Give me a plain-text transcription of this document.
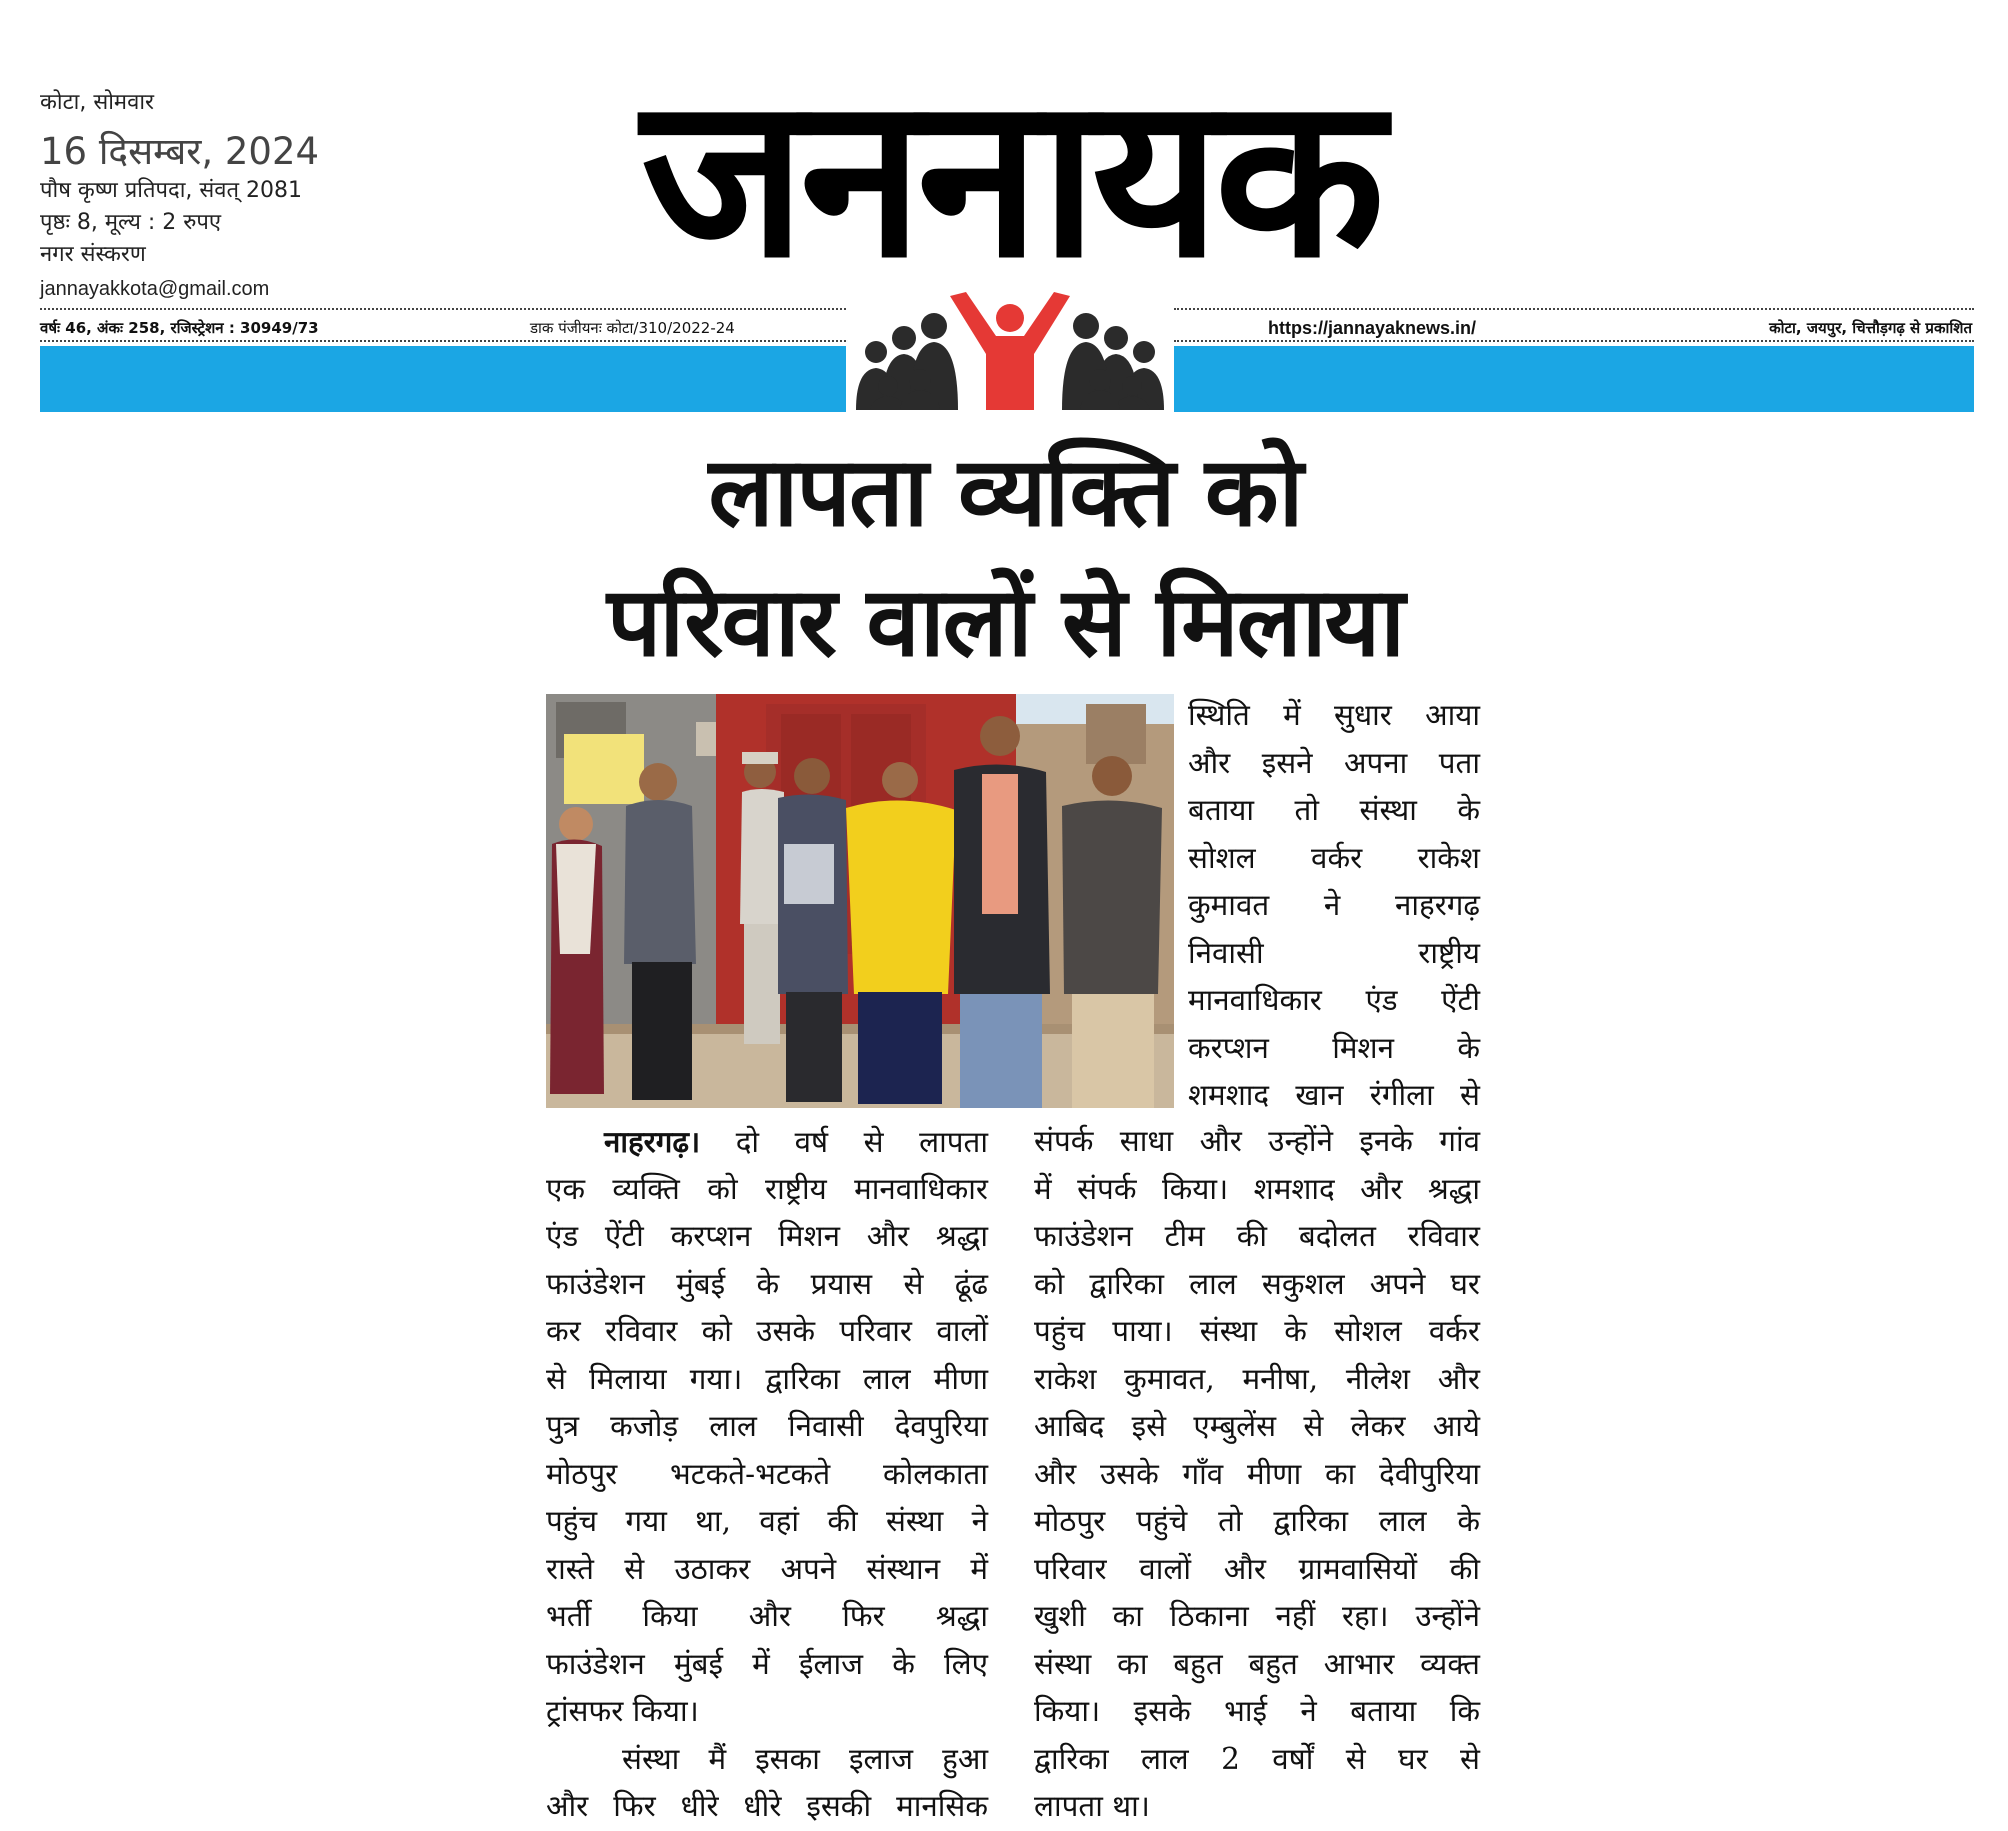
कोटा, सोमवार
16 दिसम्बर, 2024
पौष कृष्ण प्रतिपदा, संवत् 2081
पृष्ठः 8, मूल्य : 2 रुपए
नगर संस्करण
jannayakkota@gmail.com	जननायक
वर्षः 46, अंकः 258, रजिस्ट्रेशन : 30949/73	डाक पंजीयनः कोटा/310/2022-24	https://jannayaknews.in/	कोटा, जयपुर, चित्तौड़गढ़ से प्रकाशित
लापता व्यक्ति को
परिवार वालों से मिलाया
स्थिति में सुधार आया
और इसने अपना पता
बताया तो संस्था के
सोशल वर्कर राकेश
कुमावत ने नाहरगढ़
निवासी राष्ट्रीय
मानवाधिकार एंड ऐंटी
करप्शन मिशन के
शमशाद खान रंगीला से
नाहरगढ़। दो वर्ष से लापता
एक व्यक्ति को राष्ट्रीय मानवाधिकार
एंड ऐंटी करप्शन मिशन और श्रद्धा
फाउंडेशन मुंबई के प्रयास से ढूंढ
कर रविवार को उसके परिवार वालों
से मिलाया गया। द्वारिका लाल मीणा
पुत्र कजोड़ लाल निवासी देवपुरिया
मोठपुर भटकते-भटकते कोलकाता
पहुंच गया था, वहां की संस्था ने
रास्ते से उठाकर अपने संस्थान में
भर्ती किया और फिर श्रद्धा
फाउंडेशन मुंबई में ईलाज के लिए
ट्रांसफर किया।
संस्था मैं इसका इलाज हुआ
और फिर धीरे धीरे इसकी मानसिक
संपर्क साधा और उन्होंने इनके गांव
में संपर्क किया। शमशाद और श्रद्धा
फाउंडेशन टीम की बदोलत रविवार
को द्वारिका लाल सकुशल अपने घर
पहुंच पाया। संस्था के सोशल वर्कर
राकेश कुमावत, मनीषा, नीलेश और
आबिद इसे एम्बुलेंस से लेकर आये
और उसके गाँव मीणा का देवीपुरिया
मोठपुर पहुंचे तो द्वारिका लाल के
परिवार वालों और ग्रामवासियों की
खुशी का ठिकाना नहीं रहा। उन्होंने
संस्था का बहुत बहुत आभार व्यक्त
किया। इसके भाई ने बताया कि
द्वारिका लाल 2 वर्षों से घर से
लापता था।
